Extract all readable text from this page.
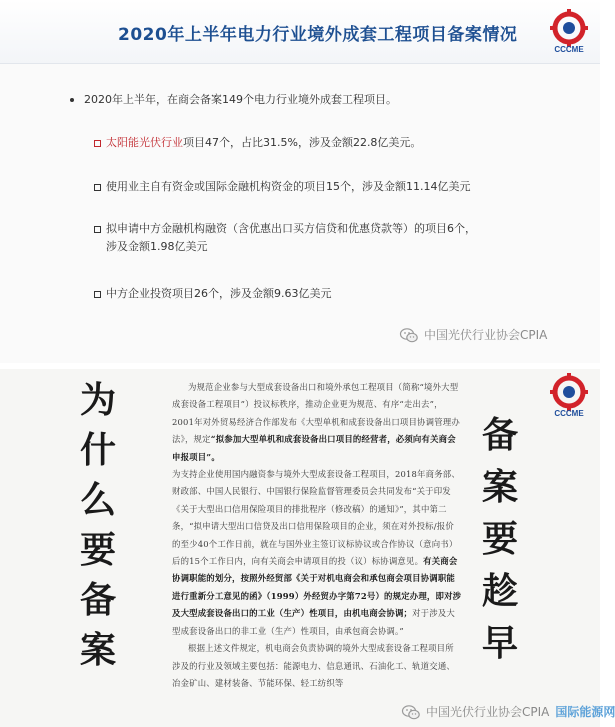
2020年上半年电力行业境外成套工程项目备案情况
CCCME
2020年上半年，在商会备案149个电力行业境外成套工程项目。
太阳能光伏行业项目47个，占比31.5%，涉及金额22.8亿美元。
使用业主自有资金或国际金融机构资金的项目15个，涉及金额11.14亿美元
拟申请中方金融机构融资（含优惠出口买方信贷和优惠贷款等）的项目6个，
涉及金额1.98亿美元
中方企业投资项目26个，涉及金额9.63亿美元
中国光伏行业协会CPIA
为
什
么
要
备
案

为规范企业参与大型成套设备出口和境外承包工程项目（简称“境外大型成套设备工程项目”）投议标秩序，推动企业更为规范、有序“走出去”，2001年对外贸易经济合作部发布《大型单机和成套设备出口项目协调管理办法》，规定“拟参加大型单机和成套设备出口项目的经营者，必须向有关商会申报项目”。

为支持企业使用国内融资参与境外大型成套设备工程项目，2018年商务部、财政部、中国人民银行、中国银行保险监督管理委员会共同发布“关于印发《关于大型出口信用保险项目的排批程序（修改稿）的通知》”，其中第二条，“拟申请大型出口信贷及出口信用保险项目的企业，须在对外投标/报价的至少40个工作日前，就在与国外业主签订议标协议或合作协议（意向书）后的15个工作日内，向有关商会申请项目的投（议）标协调意见。有关商会协调职能的划分，按照外经贸部《关于对机电商会和承包商会项目协调职能进行重新分工意见的函》（1999）外经贸办字第72号）的规定办理，即对涉及大型成套设备出口的工业（生产）性项目，由机电商会协调；对于涉及大型成套设备出口的非工业（生产）性项目，由承包商会协调。”

根据上述文件规定，机电商会负责协调的境外大型成套设备工程项目所涉及的行业及领域主要包括：能源电力、信息通讯、石油化工、轨道交通、冶金矿山、建材装备、节能环保、轻工纺织等

CCCME
备
案
要
趁
早
中国光伏行业协会CPIA 国际能源网
